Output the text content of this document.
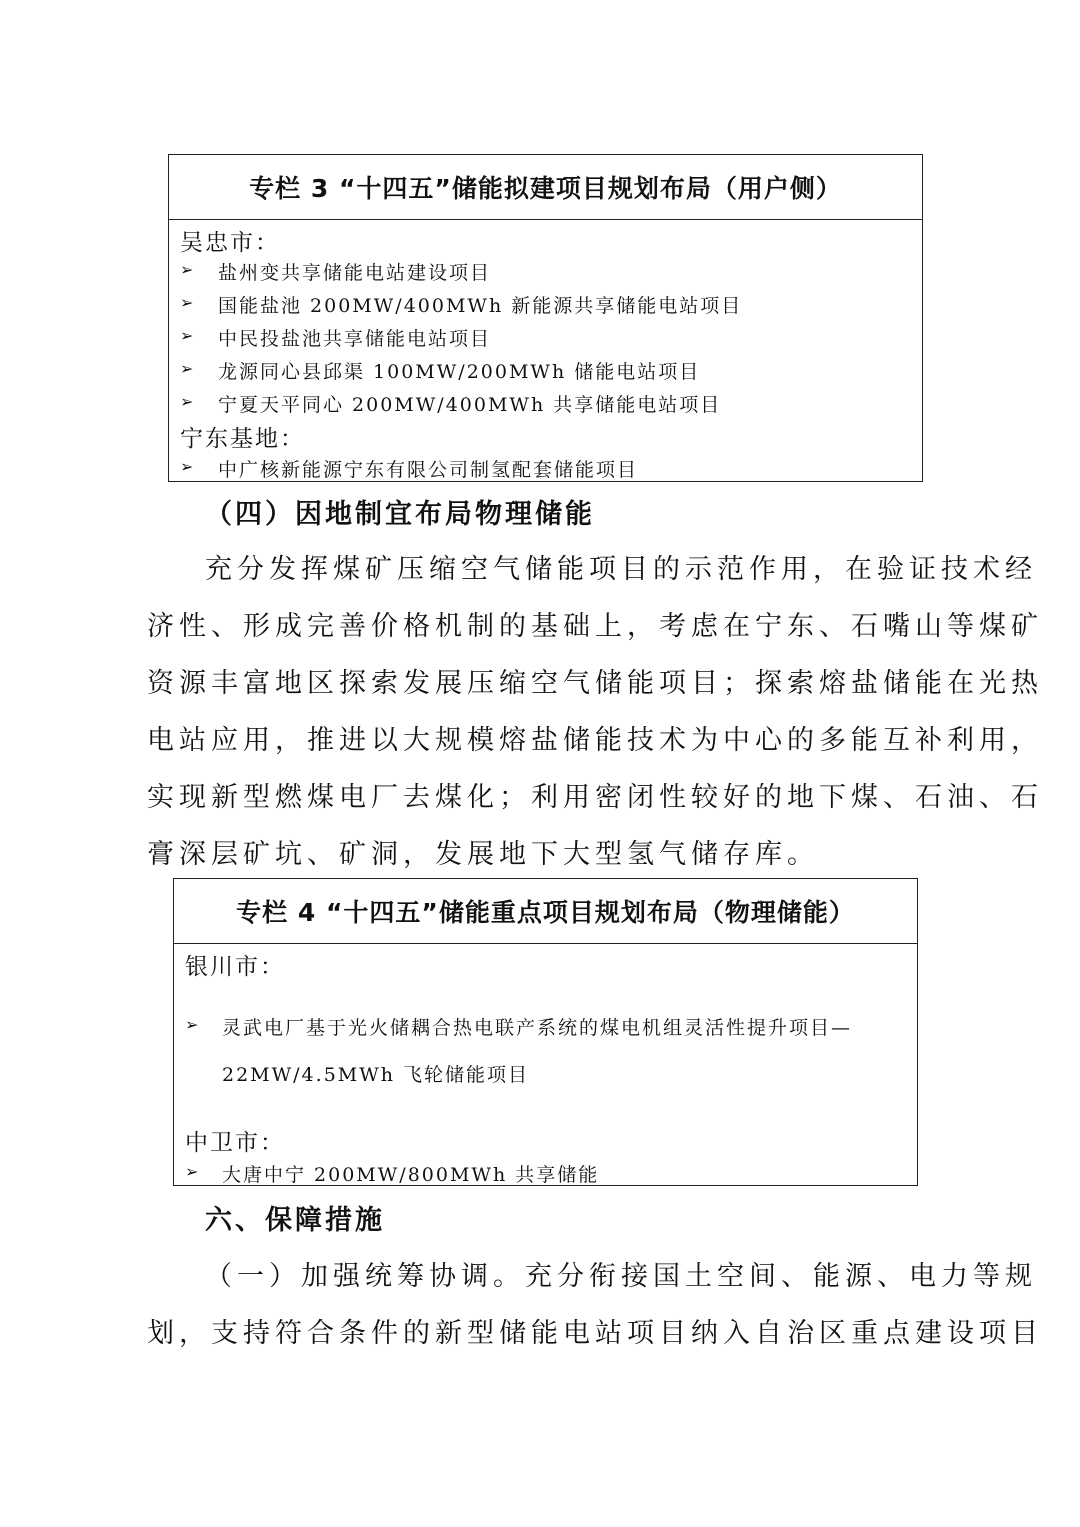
专栏 3 “十四五”储能拟建项目规划布局（用户侧）
吴忠市：
➢ 盐州变共享储能电站建设项目
➢ 国能盐池 200MW/400MWh 新能源共享储能电站项目
➢ 中民投盐池共享储能电站项目
➢ 龙源同心县邱渠 100MW/200MWh 储能电站项目
➢ 宁夏天平同心 200MW/400MWh 共享储能电站项目
宁东基地：
➢ 中广核新能源宁东有限公司制氢配套储能项目
（四）因地制宜布局物理储能
充分发挥煤矿压缩空气储能项目的示范作用，在验证技术经
济性、形成完善价格机制的基础上，考虑在宁东、石嘴山等煤矿
资源丰富地区探索发展压缩空气储能项目；探索熔盐储能在光热
电站应用，推进以大规模熔盐储能技术为中心的多能互补利用，
实现新型燃煤电厂去煤化；利用密闭性较好的地下煤、石油、石
膏深层矿坑、矿洞，发展地下大型氢气储存库。
专栏 4 “十四五”储能重点项目规划布局（物理储能）
银川市：
➢ 灵武电厂基于光火储耦合热电联产系统的煤电机组灵活性提升项目—
22MW/4.5MWh 飞轮储能项目
中卫市：
➢ 大唐中宁 200MW/800MWh 共享储能
六、保障措施
（一）加强统筹协调。充分衔接国土空间、能源、电力等规
划，支持符合条件的新型储能电站项目纳入自治区重点建设项目
